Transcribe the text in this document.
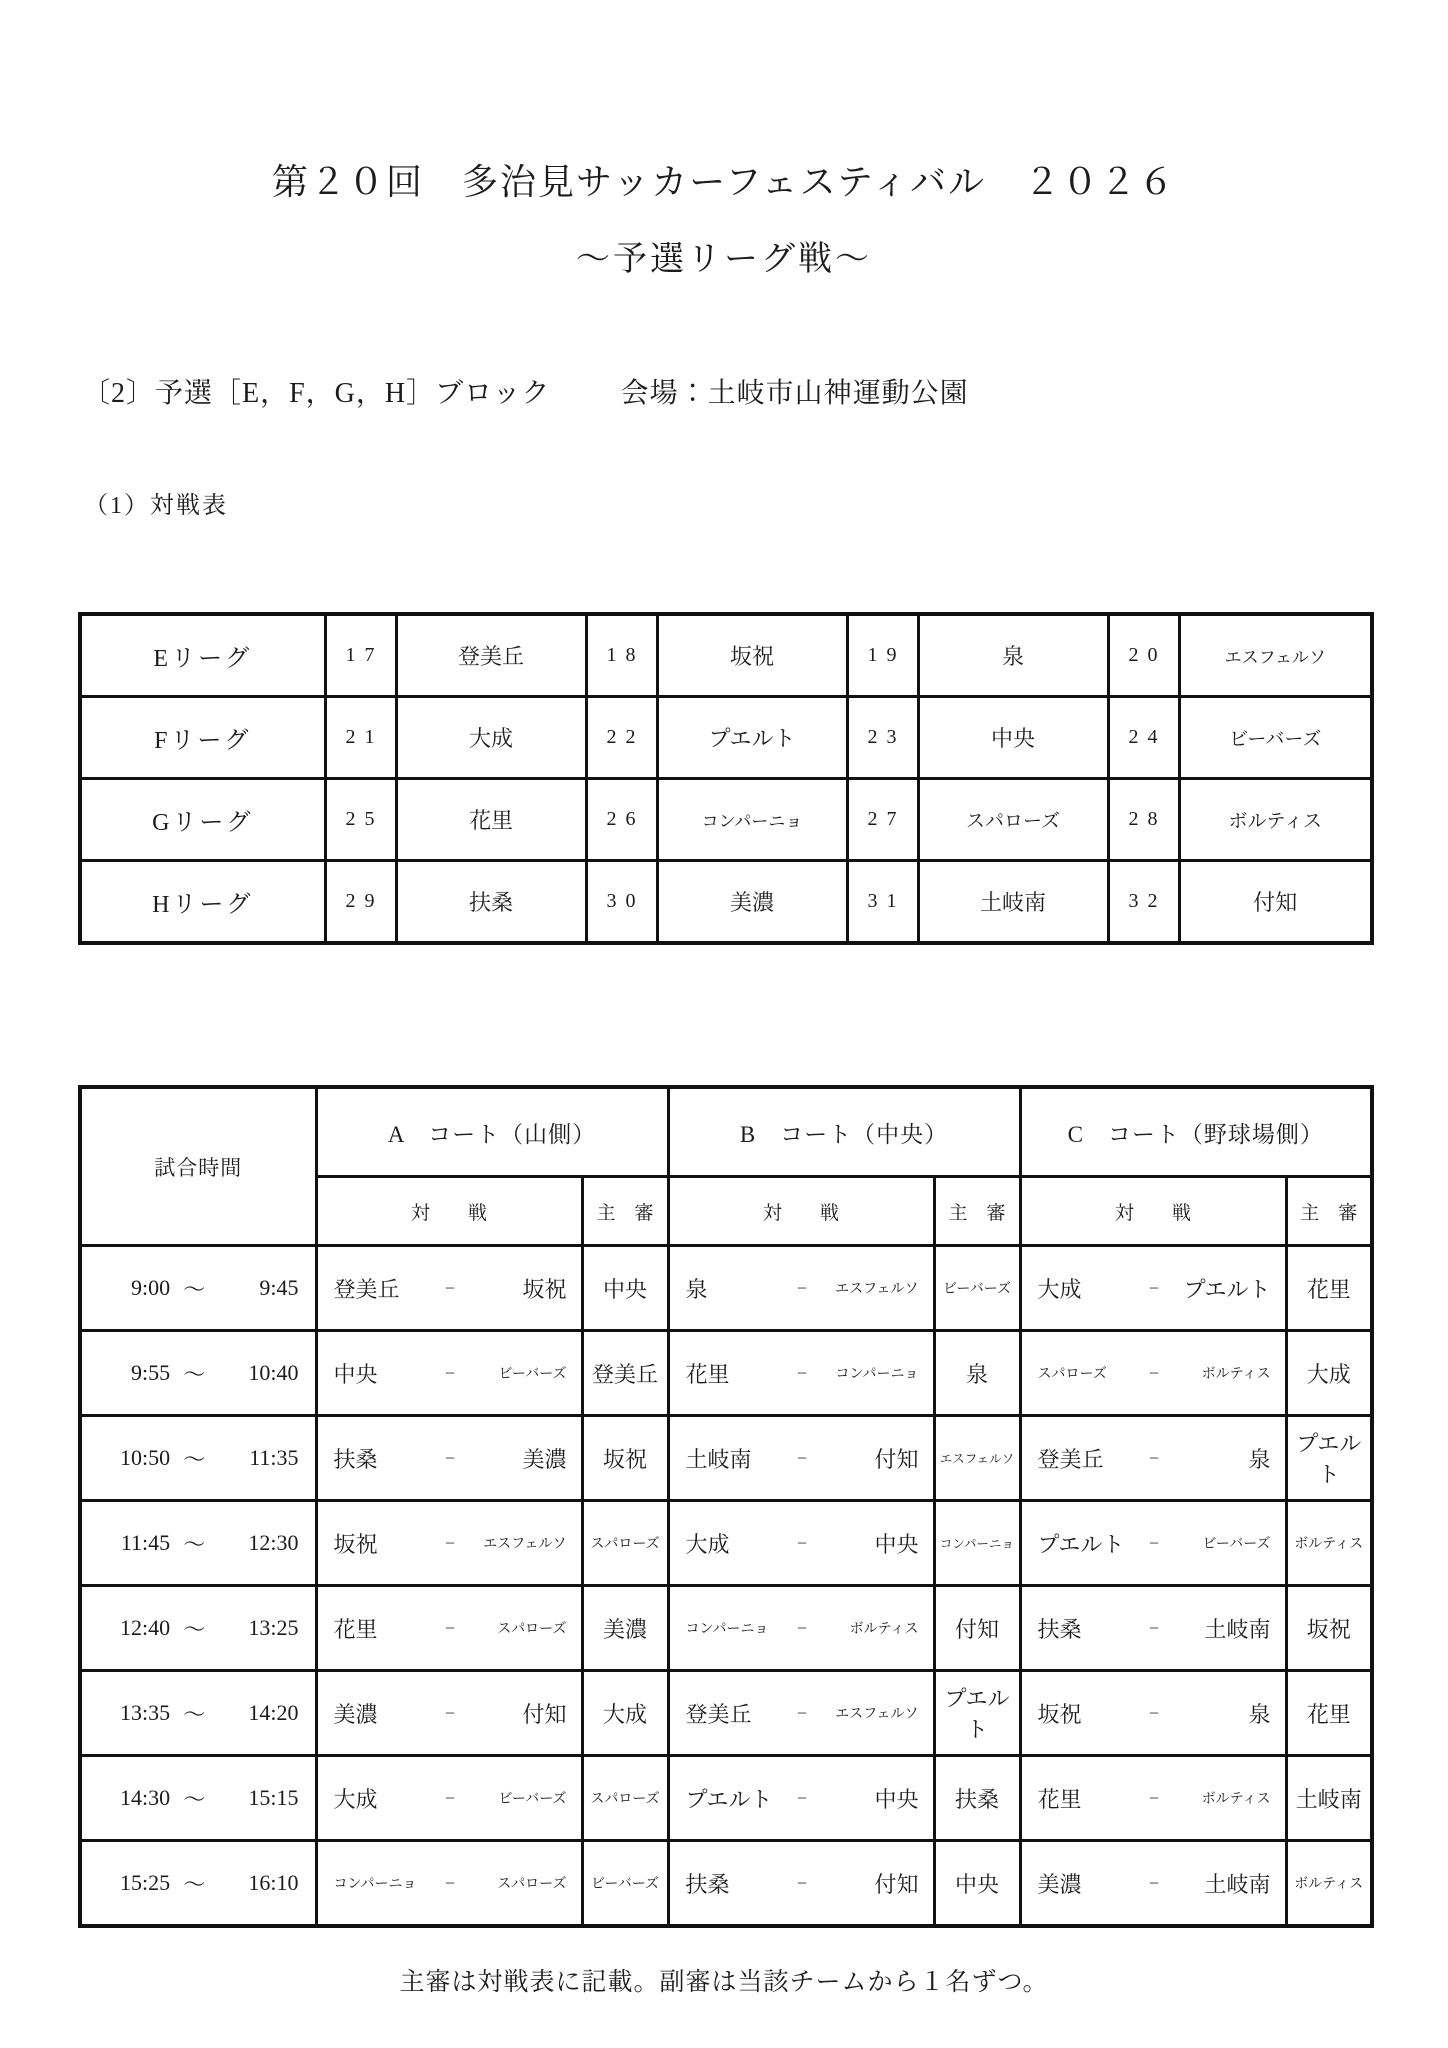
第２０回　多治見サッカーフェスティバル　２０２６
～予選リーグ戦～
〔2〕予選［E，F，G，H］ブロック	会場：土岐市山神運動公園
（1）対戦表
Eリーグ	17	登美丘	18	坂祝	19	泉	20	エスフェルソ
Fリーグ	21	大成	22	プエルト	23	中央	24	ビーバーズ
Gリーグ	25	花里	26	コンパーニョ	27	スパローズ	28	ボルティス
Hリーグ	29	扶桑	30	美濃	31	土岐南	32	付知
試合時間	A　コート（山側）		B　コート（中央）		C　コート（野球場側）	
	対　　戦	主　審	対　　戦	主　審	対　　戦	主　審

9:00 ～ 9:45	登美丘 − 坂祝	中央	泉 − エスフェルソ	ビーバーズ	大成 − プエルト	花里

9:55 ～ 10:40	中央 − ビーバーズ	登美丘	花里 − コンパーニョ	泉	スパローズ − ボルティス	大成

10:50 ～ 11:35	扶桑 − 美濃	坂祝	土岐南 − 付知	エスフェルソ	登美丘 − 泉	プエルト

11:45 ～ 12:30	坂祝 − エスフェルソ	スパローズ	大成 − 中央	コンパーニョ	プエルト − ビーバーズ	ボルティス

12:40 ～ 13:25	花里 − スパローズ	美濃	コンパーニョ − ボルティス	付知	扶桑 − 土岐南	坂祝

13:35 ～ 14:20	美濃 − 付知	大成	登美丘 − エスフェルソ	プエルト	坂祝 − 泉	花里

14:30 ～ 15:15	大成 − ビーバーズ	スパローズ	プエルト − 中央	扶桑	花里 − ボルティス	土岐南

15:25 ～ 16:10	コンパーニョ − スパローズ	ビーバーズ	扶桑 − 付知	中央	美濃 − 土岐南	ボルティス
主審は対戦表に記載。副審は当該チームから１名ずつ。
